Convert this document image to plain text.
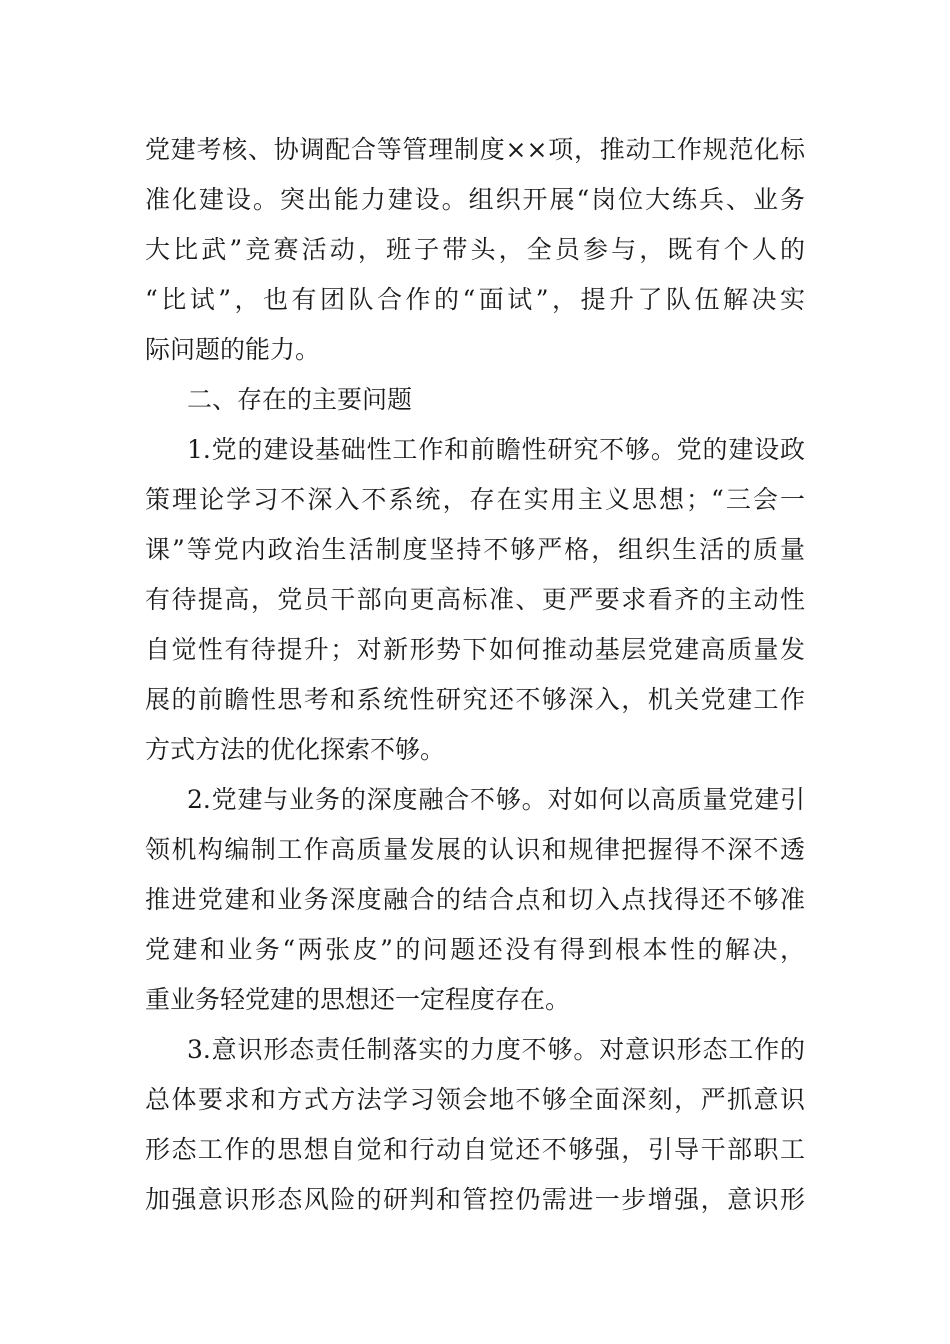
党建考核、协调配合等管理制度××项，推动工作规范化标
准化建设。突出能力建设。组织开展“岗位大练兵、业务
大比武”竞赛活动，班子带头，全员参与，既有个人的
“比试”，也有团队合作的“面试”，提升了队伍解决实
际问题的能力。
二、存在的主要问题
1.党的建设基础性工作和前瞻性研究不够。党的建设政
策理论学习不深入不系统，存在实用主义思想；“三会一
课”等党内政治生活制度坚持不够严格，组织生活的质量
有待提高，党员干部向更高标准、更严要求看齐的主动性
自觉性有待提升；对新形势下如何推动基层党建高质量发
展的前瞻性思考和系统性研究还不够深入，机关党建工作
方式方法的优化探索不够。
2.党建与业务的深度融合不够。对如何以高质量党建引
领机构编制工作高质量发展的认识和规律把握得不深不透
推进党建和业务深度融合的结合点和切入点找得还不够准
党建和业务“两张皮”的问题还没有得到根本性的解决，
重业务轻党建的思想还一定程度存在。
3.意识形态责任制落实的力度不够。对意识形态工作的
总体要求和方式方法学习领会地不够全面深刻，严抓意识
形态工作的思想自觉和行动自觉还不够强，引导干部职工
加强意识形态风险的研判和管控仍需进一步增强，意识形
